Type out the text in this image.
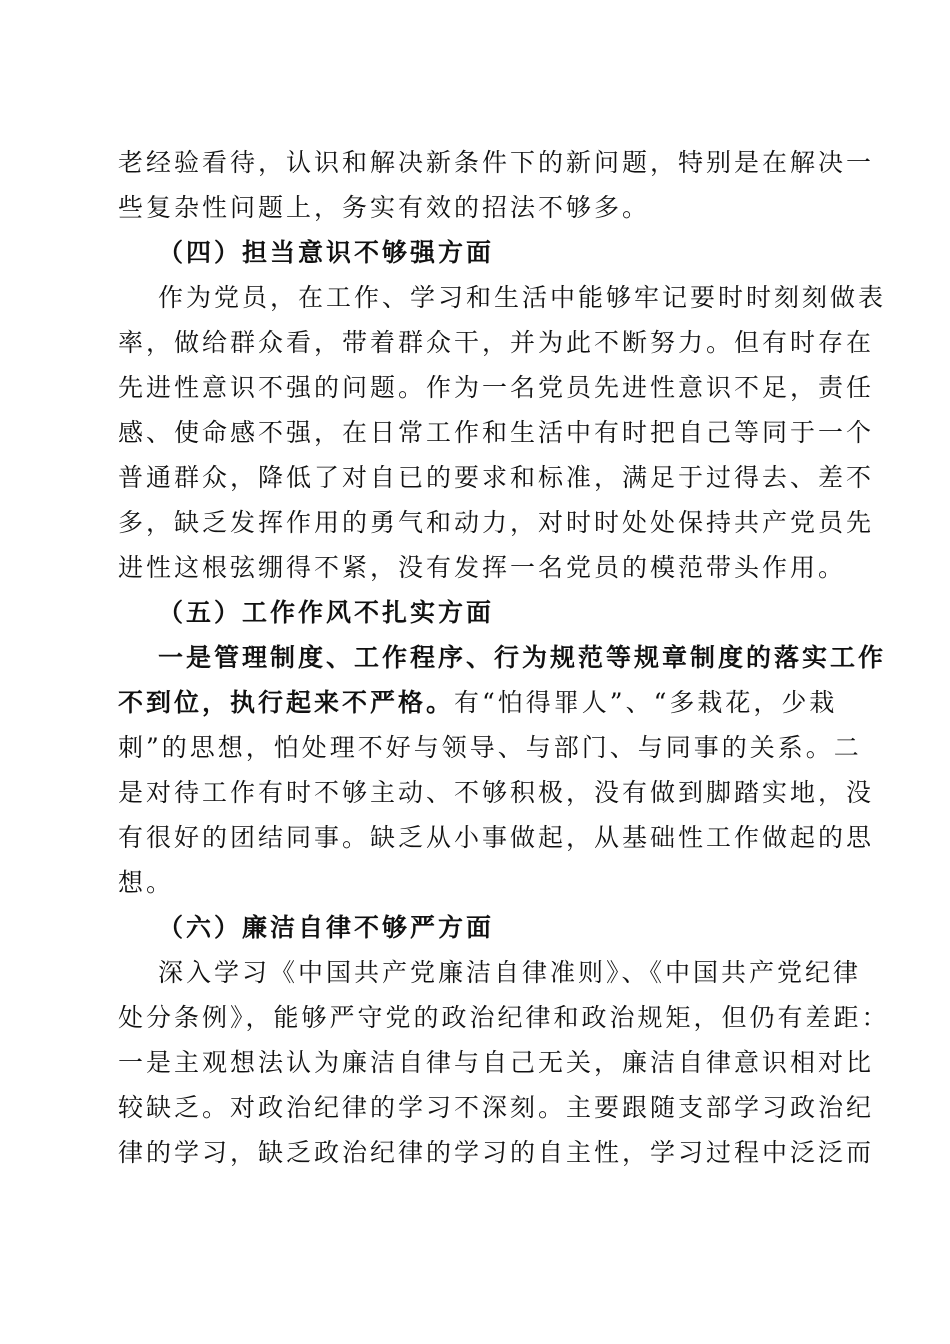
老经验看待，认识和解决新条件下的新问题，特别是在解决一
些复杂性问题上，务实有效的招法不够多。
（四）担当意识不够强方面
作为党员，在工作、学习和生活中能够牢记要时时刻刻做表
率，做给群众看，带着群众干，并为此不断努力。但有时存在
先进性意识不强的问题。作为一名党员先进性意识不足，责任
感、使命感不强，在日常工作和生活中有时把自己等同于一个
普通群众，降低了对自已的要求和标准，满足于过得去、差不
多，缺乏发挥作用的勇气和动力，对时时处处保持共产党员先
进性这根弦绷得不紧，没有发挥一名党员的模范带头作用。
（五）工作作风不扎实方面
一是管理制度、工作程序、行为规范等规章制度的落实工作
不到位，执行起来不严格。有“怕得罪人”、“多栽花，少栽
刺”的思想，怕处理不好与领导、与部门、与同事的关系。二
是对待工作有时不够主动、不够积极，没有做到脚踏实地，没
有很好的团结同事。缺乏从小事做起，从基础性工作做起的思
想。
（六）廉洁自律不够严方面
深入学习《中国共产党廉洁自律准则》、《中国共产党纪律
处分条例》，能够严守党的政治纪律和政治规矩，但仍有差距：
一是主观想法认为廉洁自律与自己无关，廉洁自律意识相对比
较缺乏。对政治纪律的学习不深刻。主要跟随支部学习政治纪
律的学习，缺乏政治纪律的学习的自主性，学习过程中泛泛而
